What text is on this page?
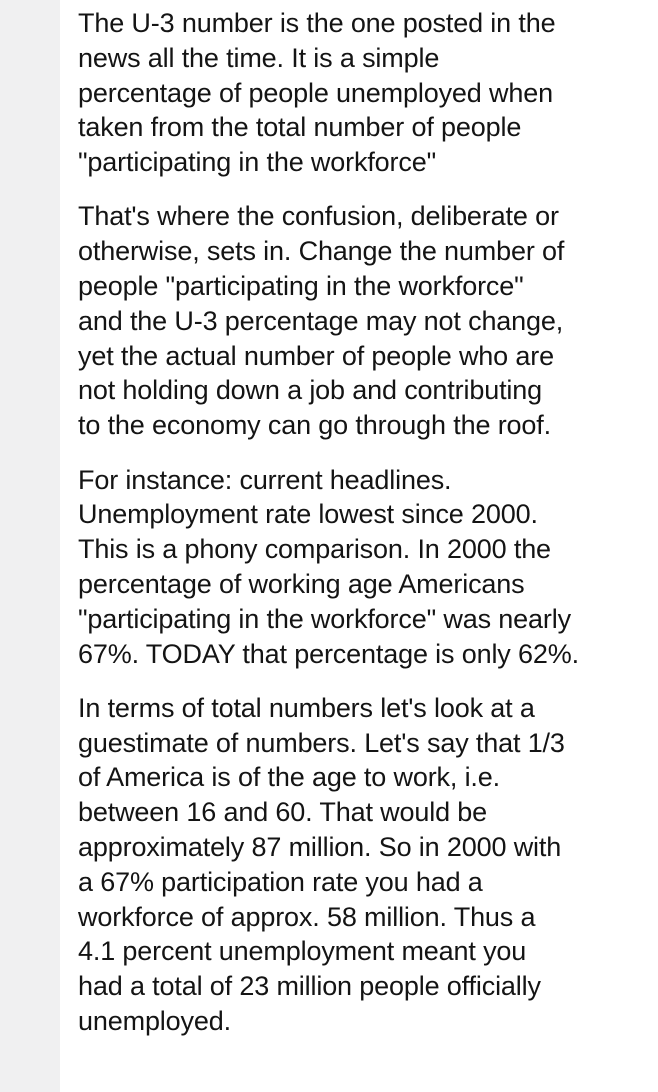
The U-3 number is the one posted in the
news all the time. It is a simple
percentage of people unemployed when
taken from the total number of people
"participating in the workforce"

That's where the confusion, deliberate or
otherwise, sets in. Change the number of
people "participating in the workforce"
and the U-3 percentage may not change,
yet the actual number of people who are
not holding down a job and contributing
to the economy can go through the roof.

For instance: current headlines.
Unemployment rate lowest since 2000.
This is a phony comparison. In 2000 the
percentage of working age Americans
"participating in the workforce" was nearly
67%. TODAY that percentage is only 62%.

In terms of total numbers let's look at a
guestimate of numbers. Let's say that 1/3
of America is of the age to work, i.e.
between 16 and 60. That would be
approximately 87 million. So in 2000 with
a 67% participation rate you had a
workforce of approx. 58 million. Thus a
4.1 percent unemployment meant you
had a total of 23 million people officially
unemployed.
